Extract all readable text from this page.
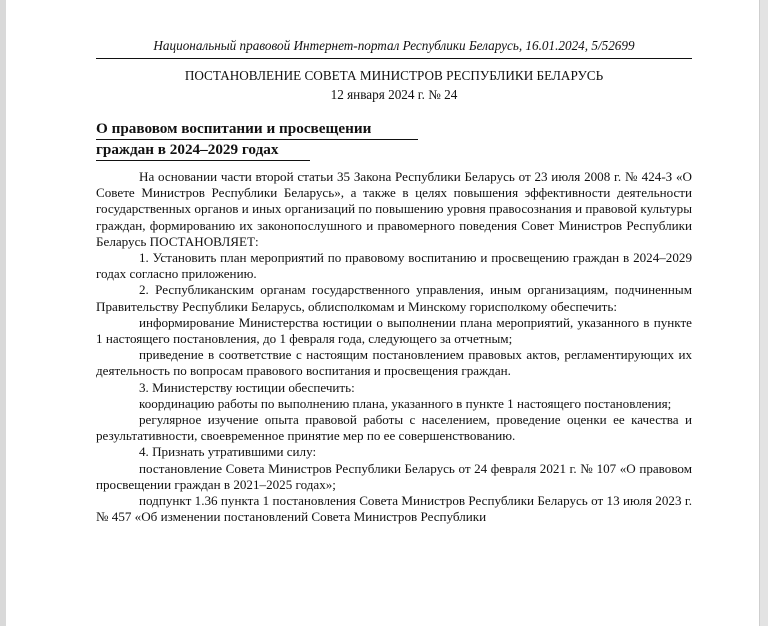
Национальный правовой Интернет-портал Республики Беларусь, 16.01.2024, 5/52699
ПОСТАНОВЛЕНИЕ СОВЕТА МИНИСТРОВ РЕСПУБЛИКИ БЕЛАРУСЬ
12 января 2024 г. № 24
О правовом воспитании и просвещении
граждан в 2024–2029 годах

На основании части второй статьи 35 Закона Республики Беларусь от 23 июля 2008 г. № 424-З «О Совете Министров Республики Беларусь», а также в целях повышения эффективности деятельности государственных органов и иных организаций по повышению уровня правосознания и правовой культуры граждан, формированию их законопослушного и правомерного поведения Совет Министров Республики Беларусь ПОСТАНОВЛЯЕТ:

1. Установить план мероприятий по правовому воспитанию и просвещению граждан в 2024–2029 годах согласно приложению.

2. Республиканским органам государственного управления, иным организациям, подчиненным Правительству Республики Беларусь, облисполкомам и Минскому горисполкому обеспечить:

информирование Министерства юстиции о выполнении плана мероприятий, указанного в пункте 1 настоящего постановления, до 1 февраля года, следующего за отчетным;

приведение в соответствие с настоящим постановлением правовых актов, регламентирующих их деятельность по вопросам правового воспитания и просвещения граждан.

3. Министерству юстиции обеспечить:

координацию работы по выполнению плана, указанного в пункте 1 настоящего постановления;

регулярное изучение опыта правовой работы с населением, проведение оценки ее качества и результативности, своевременное принятие мер по ее совершенствованию.

4. Признать утратившими силу:

постановление Совета Министров Республики Беларусь от 24 февраля 2021 г. № 107 «О правовом просвещении граждан в 2021–2025 годах»;

подпункт 1.36 пункта 1 постановления Совета Министров Республики Беларусь от 13 июля 2023 г. № 457 «Об изменении постановлений Совета Министров Республики
